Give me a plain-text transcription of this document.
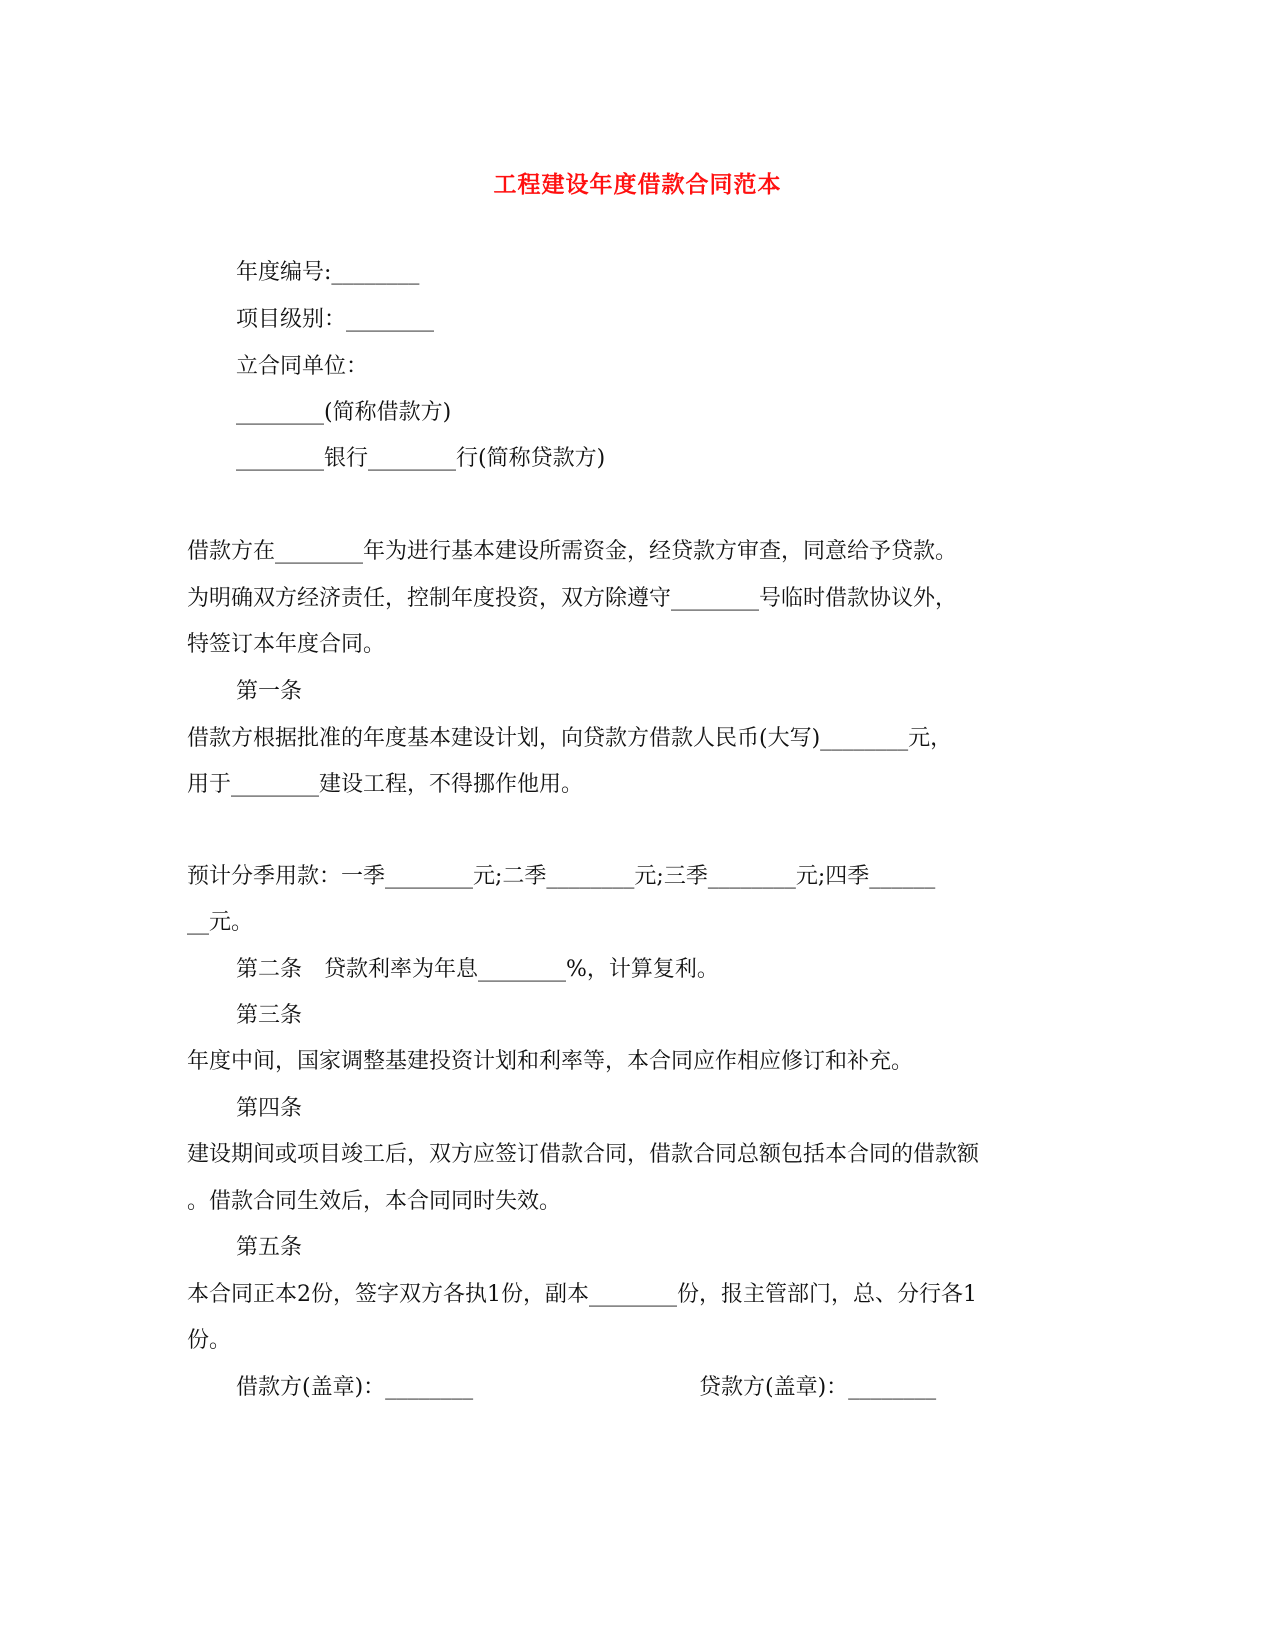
工程建设年度借款合同范本

年度编号:________

项目级别：________

立合同单位：

________(简称借款方)

________银行________行(简称贷款方)

借款方在________年为进行基本建设所需资金，经贷款方审查，同意给予贷款。

为明确双方经济责任，控制年度投资，双方除遵守________号临时借款协议外，

特签订本年度合同。

第一条

借款方根据批准的年度基本建设计划，向贷款方借款人民币(大写)________元，

用于________建设工程，不得挪作他用。

预计分季用款：一季________元;二季________元;三季________元;四季______

__元。

第二条　贷款利率为年息________%，计算复利。

第三条

年度中间，国家调整基建投资计划和利率等，本合同应作相应修订和补充。

第四条

建设期间或项目竣工后，双方应签订借款合同，借款合同总额包括本合同的借款额

。借款合同生效后，本合同同时失效。

第五条

本合同正本2份，签字双方各执1份，副本________份，报主管部门，总、分行各1

份。

借款方(盖章)：________	贷款方(盖章)：________
